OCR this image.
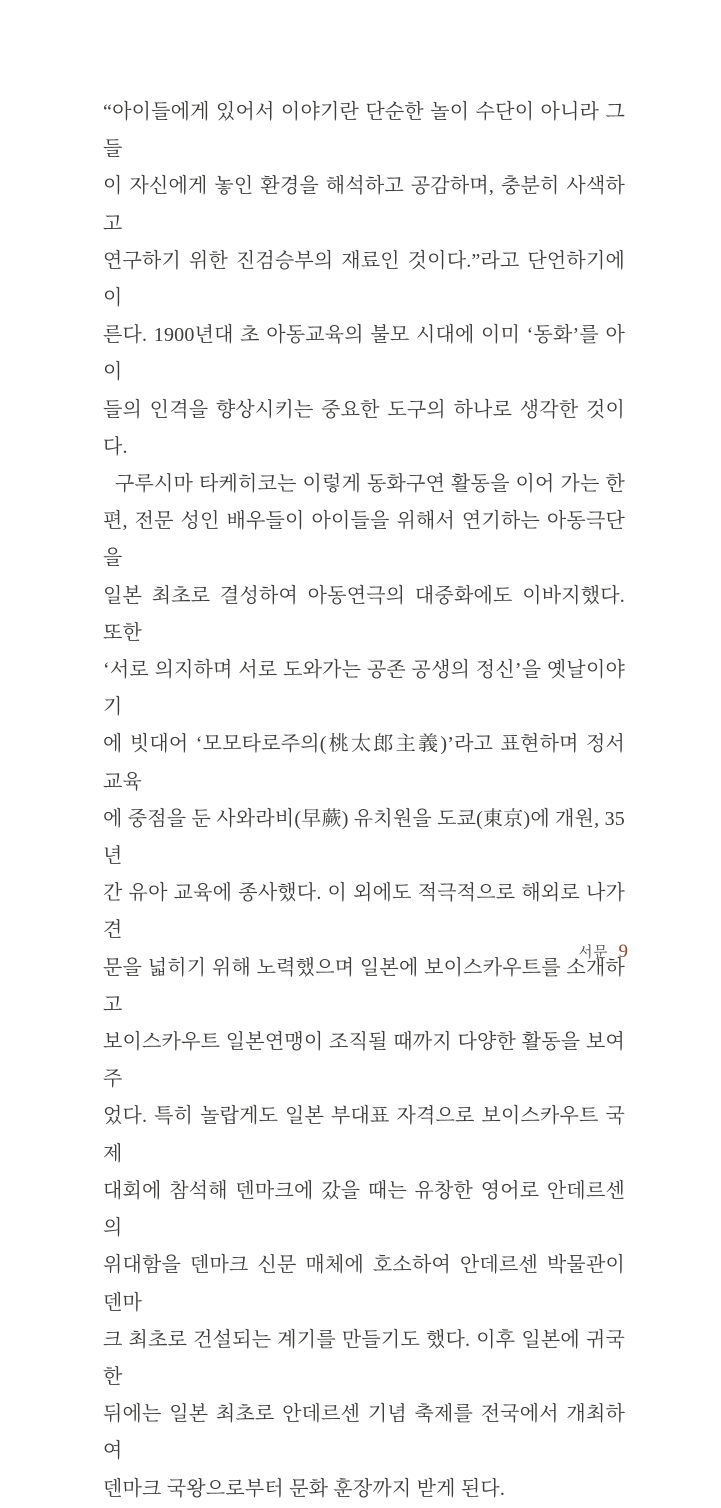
“아이들에게 있어서 이야기란 단순한 놀이 수단이 아니라 그들
이 자신에게 놓인 환경을 해석하고 공감하며, 충분히 사색하고
연구하기 위한 진검승부의 재료인 것이다.”라고 단언하기에 이
른다. 1900년대 초 아동교육의 불모 시대에 이미 ‘동화’를 아이
들의 인격을 향상시키는 중요한 도구의 하나로 생각한 것이다.
구루시마 타케히코는 이렇게 동화구연 활동을 이어 가는 한
편, 전문 성인 배우들이 아이들을 위해서 연기하는 아동극단을
일본 최초로 결성하여 아동연극의 대중화에도 이바지했다. 또한
‘서로 의지하며 서로 도와가는 공존 공생의 정신’을 옛날이야기
에 빗대어 ‘모모타로주의(桃太郎主義)’라고 표현하며 정서 교육
에 중점을 둔 사와라비(早蕨) 유치원을 도쿄(東京)에 개원, 35년
간 유아 교육에 종사했다. 이 외에도 적극적으로 해외로 나가 견
문을 넓히기 위해 노력했으며 일본에 보이스카우트를 소개하고
보이스카우트 일본연맹이 조직될 때까지 다양한 활동을 보여 주
었다. 특히 놀랍게도 일본 부대표 자격으로 보이스카우트 국제
대회에 참석해 덴마크에 갔을 때는 유창한 영어로 안데르센의
위대함을 덴마크 신문 매체에 호소하여 안데르센 박물관이 덴마
크 최초로 건설되는 계기를 만들기도 했다. 이후 일본에 귀국한
뒤에는 일본 최초로 안데르센 기념 축제를 전국에서 개최하여
덴마크 국왕으로부터 문화 훈장까지 받게 된다.
서문 9
